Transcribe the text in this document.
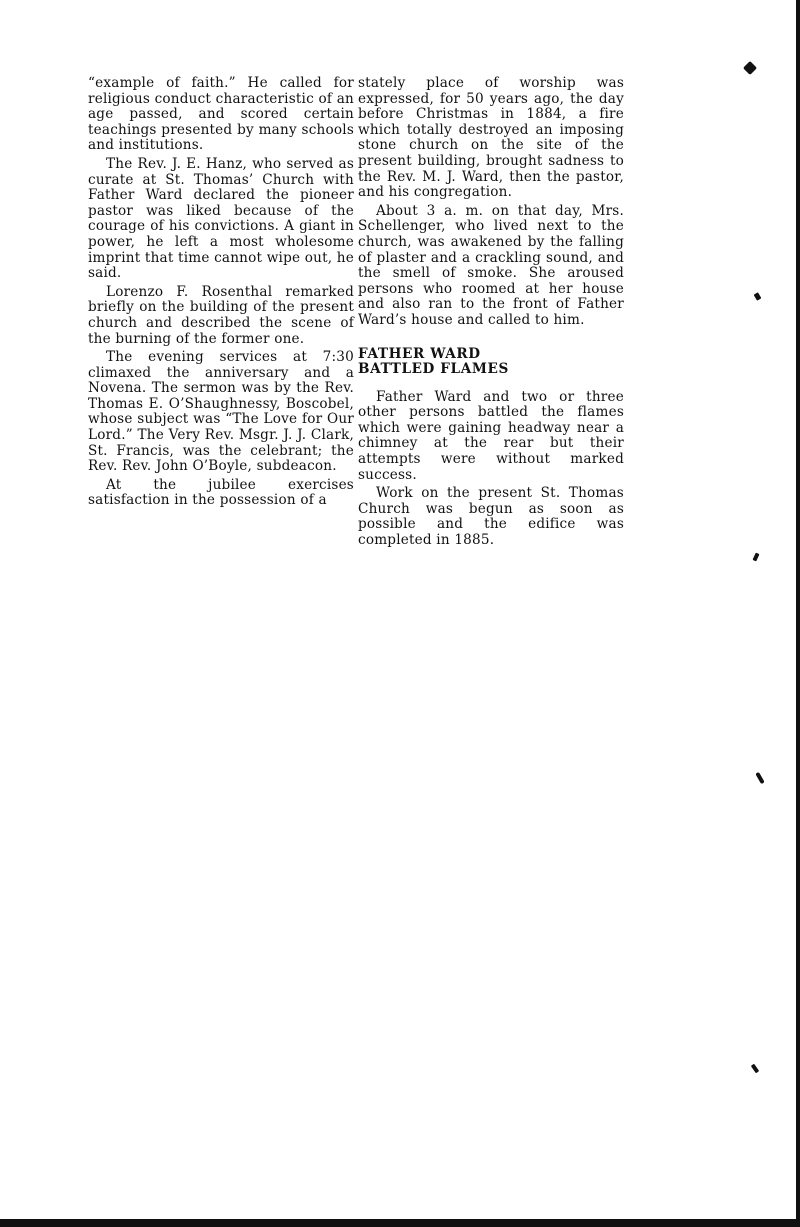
“example of faith.” He called for religious conduct characteristic of an age passed, and scored certain teachings presented by many schools and institutions.

The Rev. J. E. Hanz, who served as curate at St. Thomas’ Church with Father Ward declared the pioneer pastor was liked because of the courage of his convictions. A giant in power, he left a most wholesome imprint that time cannot wipe out, he said.

Lorenzo F. Rosenthal remarked briefly on the building of the present church and described the scene of the burning of the former one.

The evening services at 7:30 climaxed the anniversary and a Novena. The sermon was by the Rev. Thomas E. O’Shaughnessy, Boscobel, whose subject was “The Love for Our Lord.” The Very Rev. Msgr. J. J. Clark, St. Francis, was the celebrant; the Rev. Rev. John O’Boyle, subdeacon.

At the jubilee exercises satisfaction in the possession of a

stately place of worship was expressed, for 50 years ago, the day before Christmas in 1884, a fire which totally destroyed an imposing stone church on the site of the present building, brought sadness to the Rev. M. J. Ward, then the pastor, and his congregation.

About 3 a. m. on that day, Mrs. Schellenger, who lived next to the church, was awakened by the falling of plaster and a crackling sound, and the smell of smoke. She aroused persons who roomed at her house and also ran to the front of Father Ward’s house and called to him.

FATHER WARD
BATTLED FLAMES

Father Ward and two or three other persons battled the flames which were gaining headway near a chimney at the rear but their attempts were without marked success.

Work on the present St. Thomas Church was begun as soon as possible and the edifice was completed in 1885.
